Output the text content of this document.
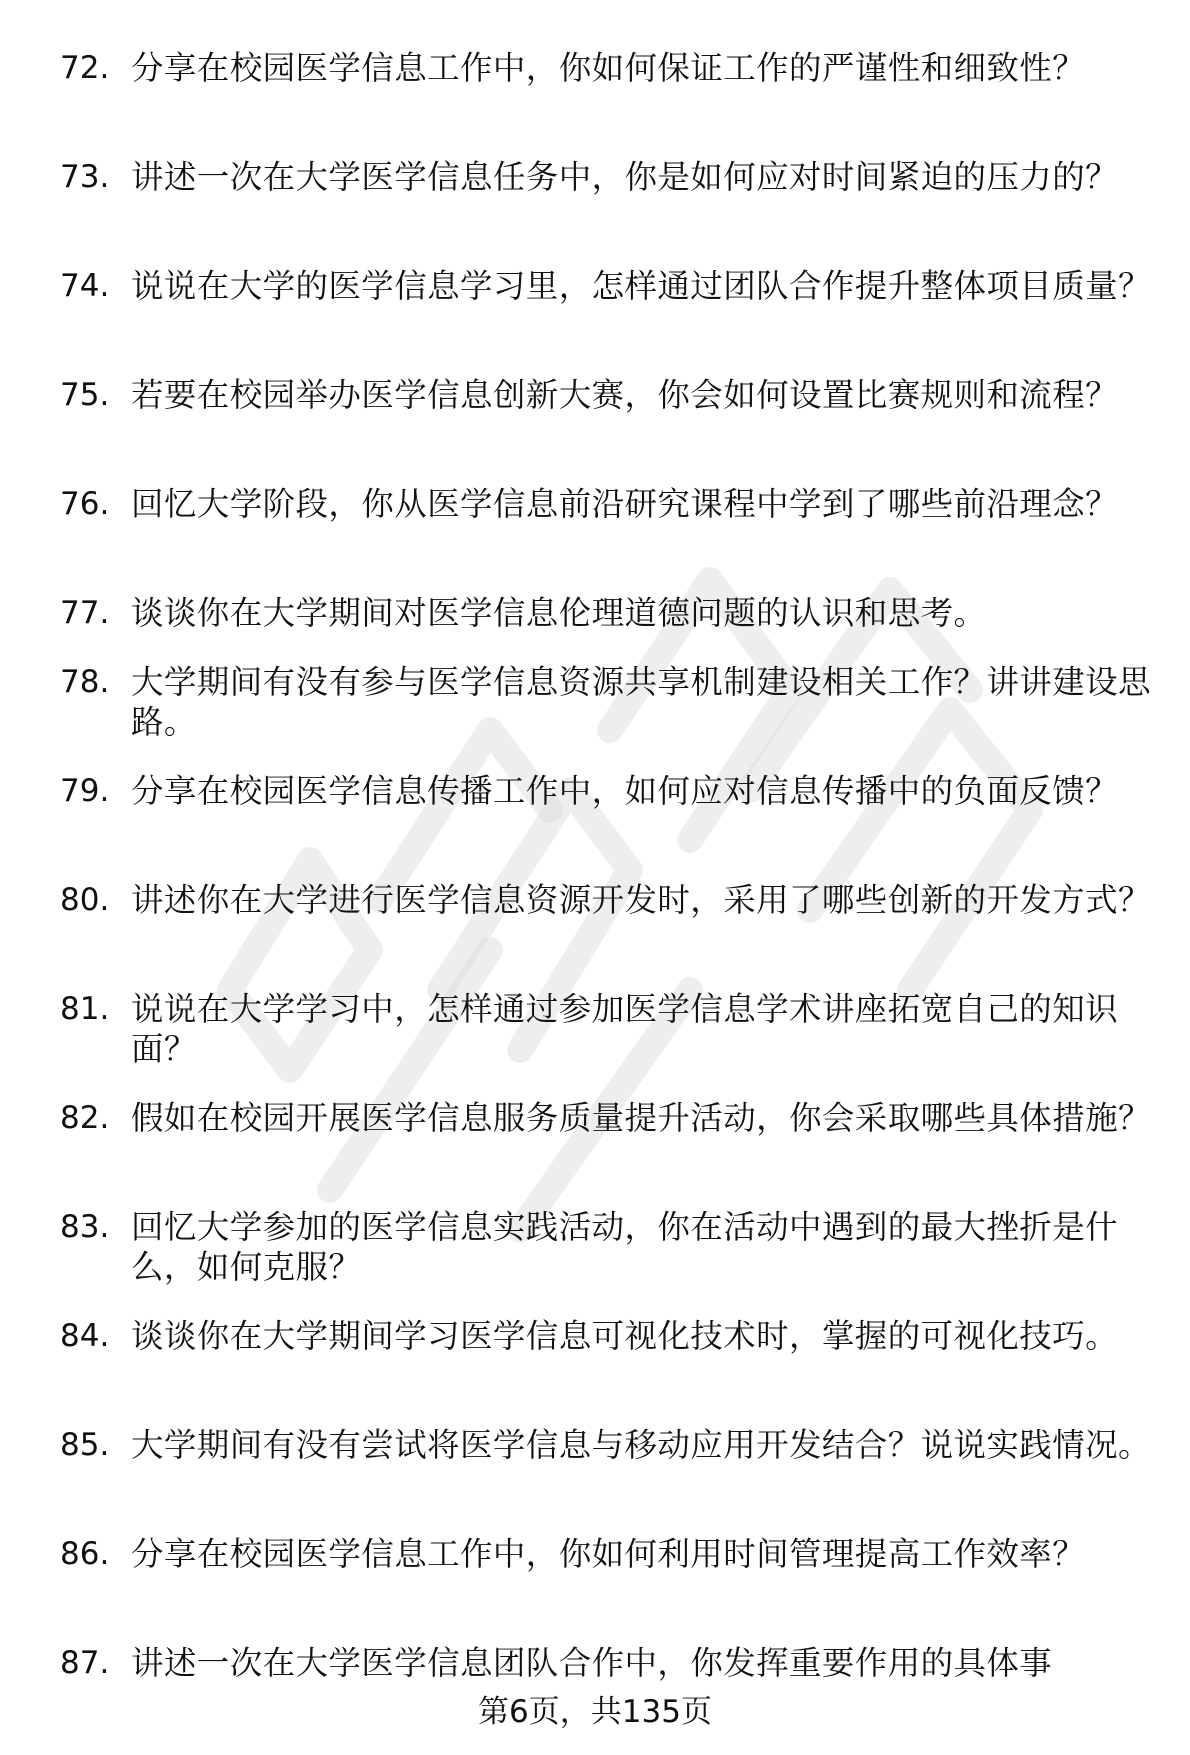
72. 分享在校园医学信息工作中，你如何保证工作的严谨性和细致性？
73. 讲述一次在大学医学信息任务中，你是如何应对时间紧迫的压力的？
74. 说说在大学的医学信息学习里，怎样通过团队合作提升整体项目质量？
75. 若要在校园举办医学信息创新大赛，你会如何设置比赛规则和流程？
76. 回忆大学阶段，你从医学信息前沿研究课程中学到了哪些前沿理念？
77. 谈谈你在大学期间对医学信息伦理道德问题的认识和思考。
78. 大学期间有没有参与医学信息资源共享机制建设相关工作？讲讲建设思路。
79. 分享在校园医学信息传播工作中，如何应对信息传播中的负面反馈？
80. 讲述你在大学进行医学信息资源开发时，采用了哪些创新的开发方式？
81. 说说在大学学习中，怎样通过参加医学信息学术讲座拓宽自己的知识面？
82. 假如在校园开展医学信息服务质量提升活动，你会采取哪些具体措施？
83. 回忆大学参加的医学信息实践活动，你在活动中遇到的最大挫折是什么，如何克服？
84. 谈谈你在大学期间学习医学信息可视化技术时，掌握的可视化技巧。
85. 大学期间有没有尝试将医学信息与移动应用开发结合？说说实践情况。
86. 分享在校园医学信息工作中，你如何利用时间管理提高工作效率？
87. 讲述一次在大学医学信息团队合作中，你发挥重要作用的具体事
第6页，共135页
